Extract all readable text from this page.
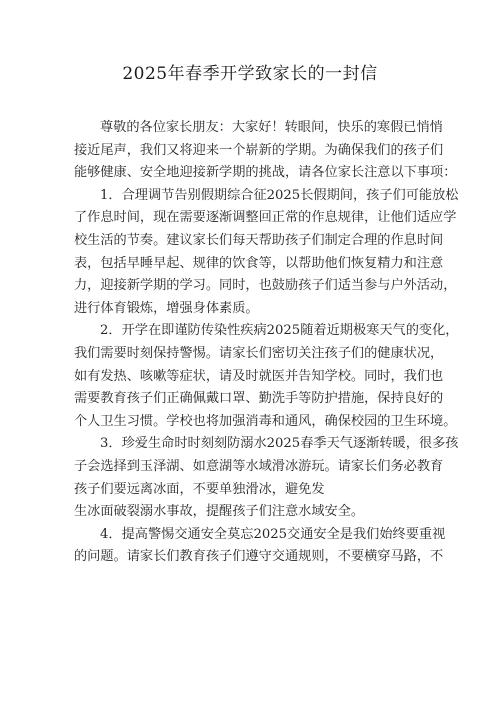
2025年春季开学致家长的一封信
尊敬的各位家长朋友：大家好！转眼间，快乐的寒假已悄悄
接近尾声，我们又将迎来一个崭新的学期。为确保我们的孩子们
能够健康、安全地迎接新学期的挑战，请各位家长注意以下事项：
1．合理调节告别假期综合征2025长假期间，孩子们可能放松
了作息时间，现在需要逐渐调整回正常的作息规律，让他们适应学
校生活的节奏。建议家长们每天帮助孩子们制定合理的作息时间
表，包括早睡早起、规律的饮食等，以帮助他们恢复精力和注意
力，迎接新学期的学习。同时，也鼓励孩子们适当参与户外活动，
进行体育锻炼，增强身体素质。
2．开学在即谨防传染性疾病2025随着近期极寒天气的变化，
我们需要时刻保持警惕。请家长们密切关注孩子们的健康状况，
如有发热、咳嗽等症状，请及时就医并告知学校。同时，我们也
需要教育孩子们正确佩戴口罩、勤洗手等防护措施，保持良好的
个人卫生习惯。学校也将加强消毒和通风，确保校园的卫生环境。
3．珍爱生命时时刻刻防溺水2025春季天气逐渐转暖，很多孩
子会选择到玉泽湖、如意湖等水域滑冰游玩。请家长们务必教育
孩子们要远离冰面，不要单独滑冰，避免发
生冰面破裂溺水事故，提醒孩子们注意水域安全。
4．提高警惕交通安全莫忘2025交通安全是我们始终要重视
的问题。请家长们教育孩子们遵守交通规则，不要横穿马路，不
